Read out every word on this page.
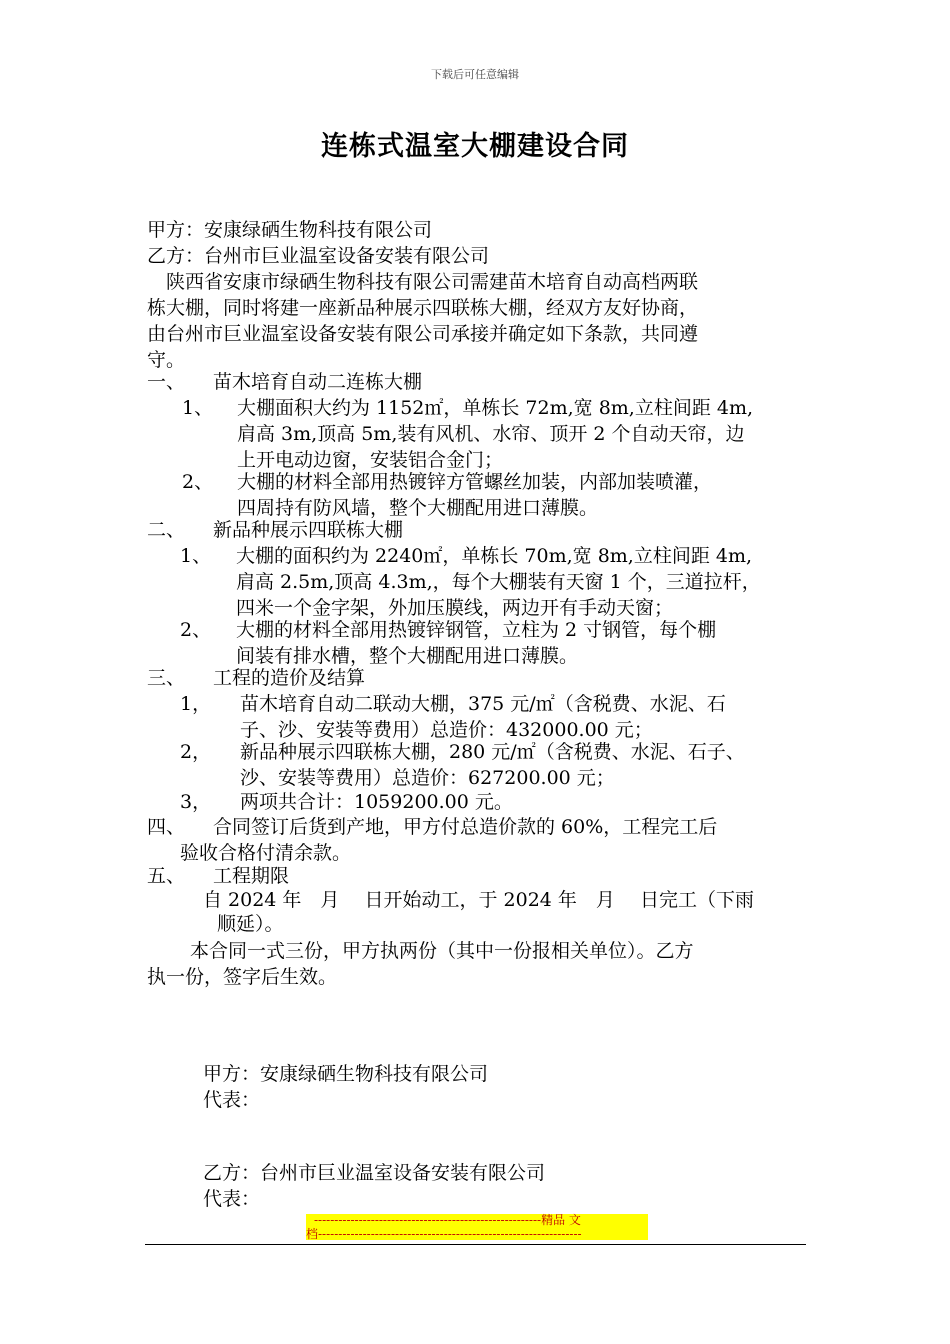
下载后可任意编辑
连栋式温室大棚建设合同
甲方：安康绿硒生物科技有限公司
乙方：台州市巨业温室设备安装有限公司
陕西省安康市绿硒生物科技有限公司需建苗木培育自动高档两联
栋大棚，同时将建一座新品种展示四联栋大棚，经双方友好协商，
由台州市巨业温室设备安装有限公司承接并确定如下条款，共同遵
守。
一、 苗木培育自动二连栋大棚
1、 大棚面积大约为 1152㎡，单栋长 72m,宽 8m,立柱间距 4m,
肩高 3m,顶高 5m,装有风机、水帘、顶开 2 个自动天帘，边
上开电动边窗，安装铝合金门；
2、 大棚的材料全部用热镀锌方管螺丝加装，内部加装喷灌，
四周持有防风墙，整个大棚配用进口薄膜。
二、 新品种展示四联栋大棚
1、 大棚的面积约为 2240㎡，单栋长 70m,宽 8m,立柱间距 4m,
肩高 2.5m,顶高 4.3m,，每个大棚装有天窗 1 个，三道拉杆，
四米一个金字架，外加压膜线，两边开有手动天窗；
2、 大棚的材料全部用热镀锌钢管，立柱为 2 寸钢管，每个棚
间装有排水槽，整个大棚配用进口薄膜。
三、 工程的造价及结算
1， 苗木培育自动二联动大棚，375 元/㎡（含税费、水泥、石
子、沙、安装等费用）总造价：432000.00 元；
2， 新品种展示四联栋大棚，280 元/㎡（含税费、水泥、石子、
沙、安装等费用）总造价：627200.00 元；
3， 两项共合计：1059200.00 元。
四、 合同签订后货到产地，甲方付总造价款的 60%，工程完工后
验收合格付清余款。
五、 工程期限
自 2024 年　月　 日开始动工，于 2024 年　月　 日完工（下雨
顺延）。
本合同一式三份，甲方执两份（其中一份报相关单位）。乙方
执一份，签字后生效。
甲方：安康绿硒生物科技有限公司
代表：
乙方：台州市巨业温室设备安装有限公司
代表：
--------------------------------------------------------精品 文
档-----------------------------------------------------------------
